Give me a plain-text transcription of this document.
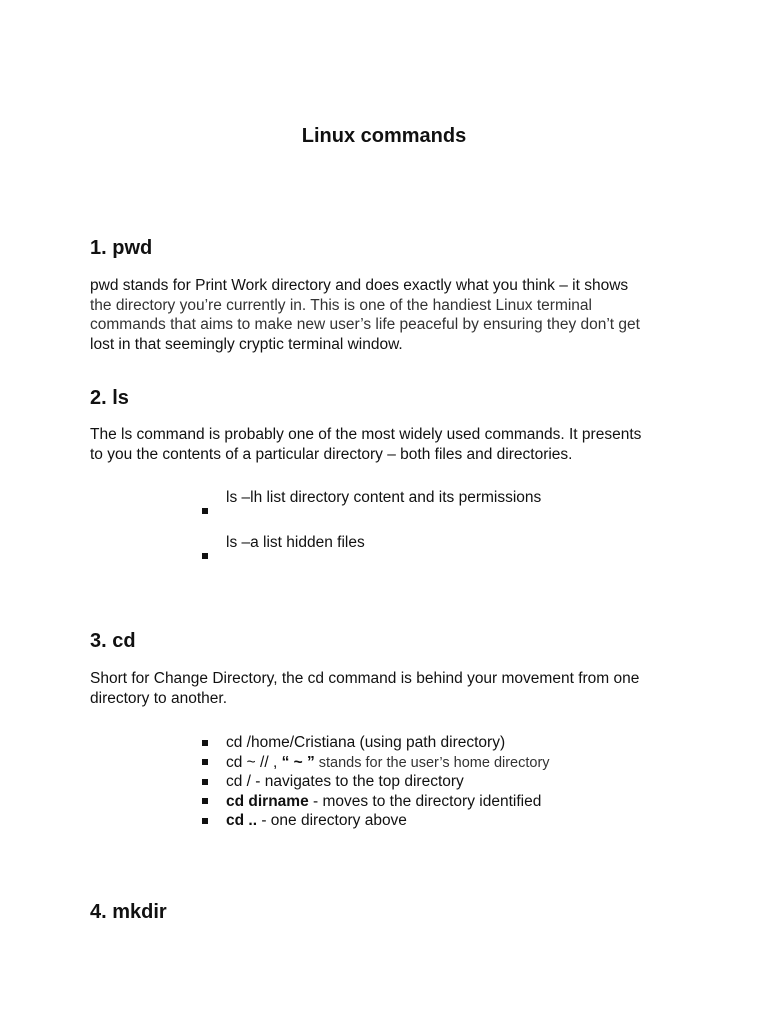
Linux commands
1. pwd
pwd stands for Print Work directory and does exactly what you think – it shows
the directory you’re currently in. This is one of the handiest Linux terminal
commands that aims to make new user’s life peaceful by ensuring they don’t get
lost in that seemingly cryptic terminal window.
2. ls
The ls command is probably one of the most widely used commands. It presents
to you the contents of a particular directory – both files and directories.
ls –lh list directory content and its permissions
ls –a list hidden files
3. cd
Short for Change Directory, the cd command is behind your movement from one
directory to another.
cd /home/Cristiana (using path directory)
cd ~ // , “ ~ ” stands for the user’s home directory
cd / - navigates to the top directory
cd dirname - moves to the directory identified
cd .. - one directory above
4. mkdir
